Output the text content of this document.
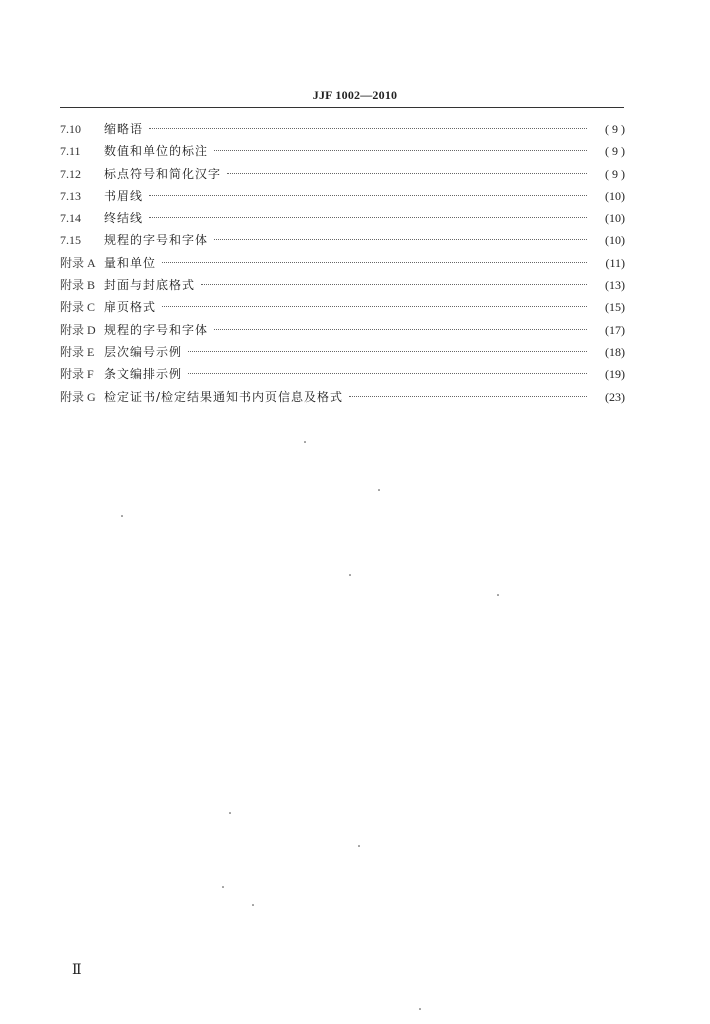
JJF 1002—2010
7.10	缩略语	( 9 )
7.11	数值和单位的标注	( 9 )
7.12	标点符号和简化汉字	( 9 )
7.13	书眉线	(10)
7.14	终结线	(10)
7.15	规程的字号和字体	(10)
附录 A 量和单位	(11)
附录 B 封面与封底格式	(13)
附录 C 扉页格式	(15)
附录 D 规程的字号和字体	(17)
附录 E 层次编号示例	(18)
附录 F 条文编排示例	(19)
附录 G 检定证书/检定结果通知书内页信息及格式	(23)
Ⅱ
